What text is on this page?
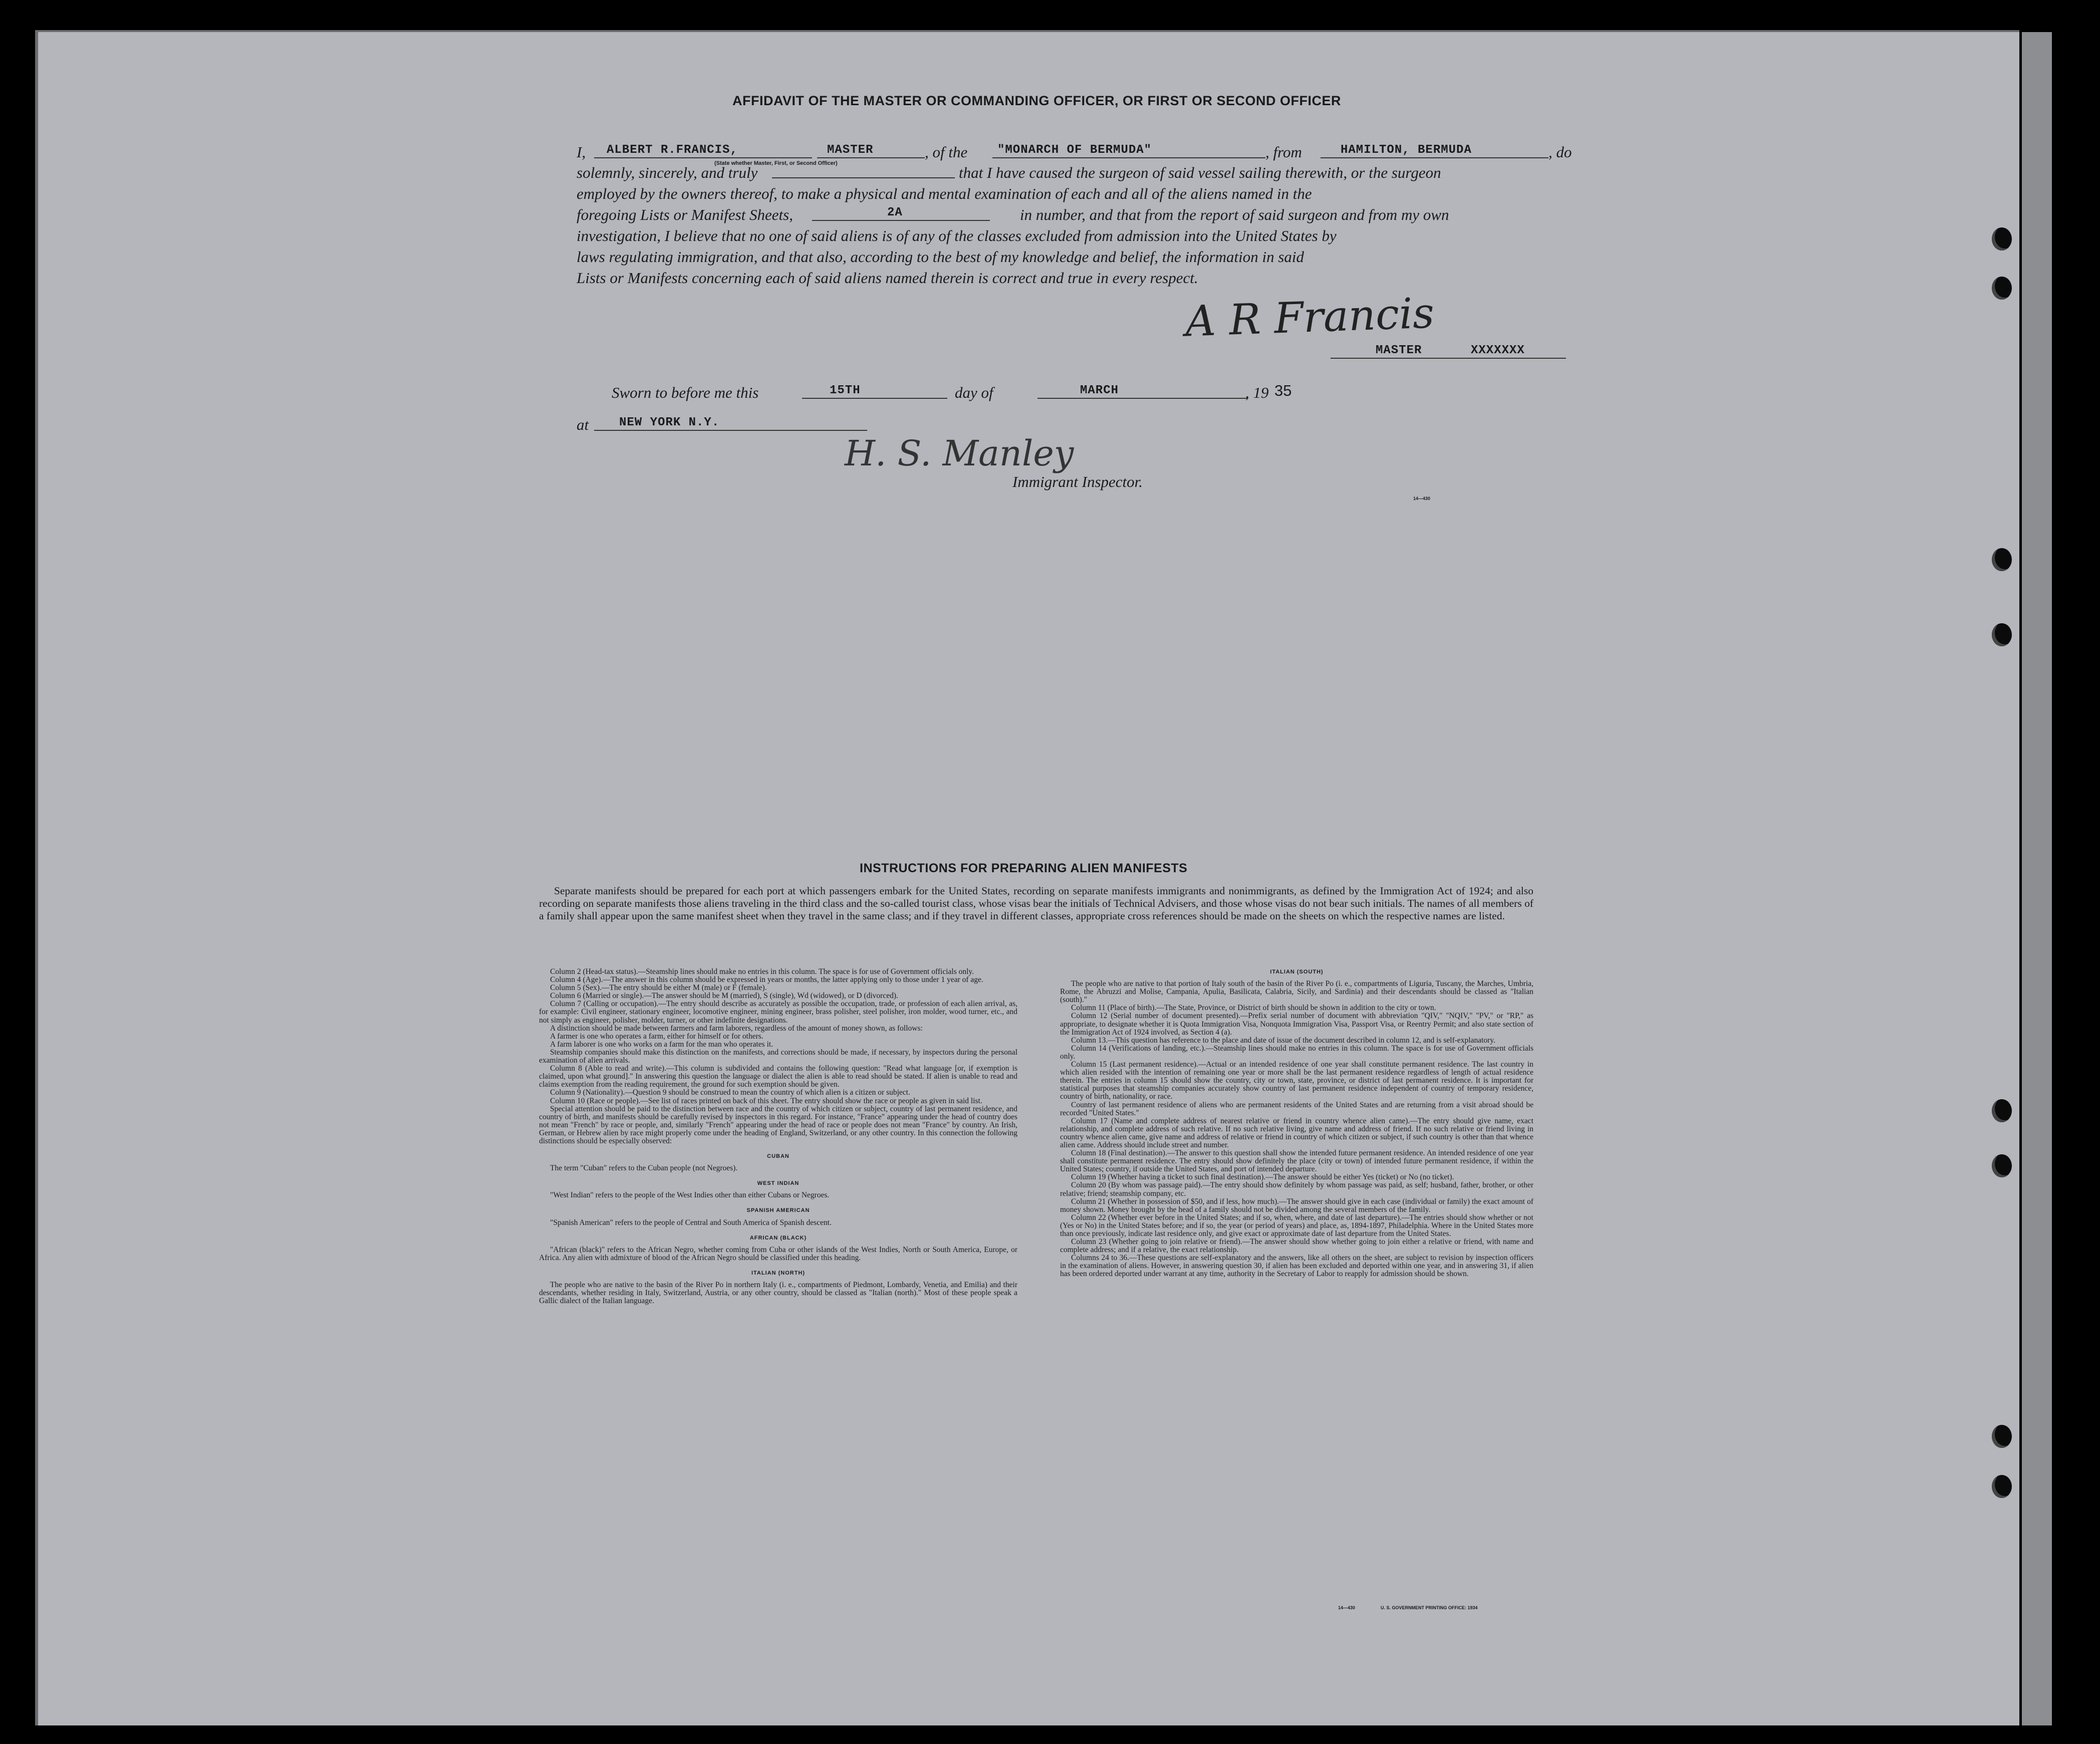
AFFIDAVIT OF THE MASTER OR COMMANDING OFFICER, OR FIRST OR SECOND OFFICER
I, ALBERT R.FRANCIS,	MASTER
(State whether Master, First, or Second Officer)
, of the "MONARCH OF BERMUDA"	, from	HAMILTON, BERMUDA	, do
solemnly, sincerely, and truly	that I have caused the surgeon of said vessel sailing therewith, or the surgeon
employed by the owners thereof, to make a physical and mental examination of each and all of the aliens named in the
foregoing Lists or Manifest Sheets,	2A	in number, and that from the report of said surgeon and from my own
investigation, I believe that no one of said aliens is of any of the classes excluded from admission into the United States by
laws regulating immigration, and that also, according to the best of my knowledge and belief, the information in said
Lists or Manifests concerning each of said aliens named therein is correct and true in every respect.
A R Francis
MASTER	XXXXXXX
Sworn to before me this	15TH	day of	MARCH	, 19 35
at	NEW YORK N.Y.
H. S. Manley
Immigrant Inspector.
14—430
INSTRUCTIONS FOR PREPARING ALIEN MANIFESTS
Separate manifests should be prepared for each port at which passengers embark for the United States, recording on separate manifests immigrants and nonimmigrants, as defined by the Immigration Act of 1924; and also recording on separate manifests those aliens traveling in the third class and the so-called tourist class, whose visas bear the initials of Technical Advisers, and those whose visas do not bear such initials. The names of all members of a family shall appear upon the same manifest sheet when they travel in the same class; and if they travel in different classes, appropriate cross references should be made on the sheets on which the respective names are listed.

Column 2 (Head-tax status).—Steamship lines should make no entries in this column. The space is for use of Government officials only.

Column 4 (Age).—The answer in this column should be expressed in years or months, the latter applying only to those under 1 year of age.

Column 5 (Sex).—The entry should be either M (male) or F (female).

Column 6 (Married or single).—The answer should be M (married), S (single), Wd (widowed), or D (divorced).

Column 7 (Calling or occupation).—The entry should describe as accurately as possible the occupation, trade, or profession of each alien arrival, as, for example: Civil engineer, stationary engineer, locomotive engineer, mining engineer, brass polisher, steel polisher, iron molder, wood turner, etc., and not simply as engineer, polisher, molder, turner, or other indefinite designations.

A distinction should be made between farmers and farm laborers, regardless of the amount of money shown, as follows:

A farmer is one who operates a farm, either for himself or for others.

A farm laborer is one who works on a farm for the man who operates it.

Steamship companies should make this distinction on the manifests, and corrections should be made, if necessary, by inspectors during the personal examination of alien arrivals.

Column 8 (Able to read and write).—This column is subdivided and contains the following question: "Read what language [or, if exemption is claimed, upon what ground]." In answering this question the language or dialect the alien is able to read should be stated. If alien is unable to read and claims exemption from the reading requirement, the ground for such exemption should be given.

Column 9 (Nationality).—Question 9 should be construed to mean the country of which alien is a citizen or subject.

Column 10 (Race or people).—See list of races printed on back of this sheet. The entry should show the race or people as given in said list.

Special attention should be paid to the distinction between race and the country of which citizen or subject, country of last permanent residence, and country of birth, and manifests should be carefully revised by inspectors in this regard. For instance, "France" appearing under the head of country does not mean "French" by race or people, and, similarly "French" appearing under the head of race or people does not mean "France" by country. An Irish, German, or Hebrew alien by race might properly come under the heading of England, Switzerland, or any other country. In this connection the following distinctions should be especially observed:

CUBAN

The term "Cuban" refers to the Cuban people (not Negroes).

WEST INDIAN

"West Indian" refers to the people of the West Indies other than either Cubans or Negroes.

SPANISH AMERICAN

"Spanish American" refers to the people of Central and South America of Spanish descent.

AFRICAN (BLACK)

"African (black)" refers to the African Negro, whether coming from Cuba or other islands of the West Indies, North or South America, Europe, or Africa. Any alien with admixture of blood of the African Negro should be classified under this heading.

ITALIAN (NORTH)

The people who are native to the basin of the River Po in northern Italy (i. e., compartments of Piedmont, Lombardy, Venetia, and Emilia) and their descendants, whether residing in Italy, Switzerland, Austria, or any other country, should be classed as "Italian (north)." Most of these people speak a Gallic dialect of the Italian language.

ITALIAN (SOUTH)

The people who are native to that portion of Italy south of the basin of the River Po (i. e., compartments of Liguria, Tuscany, the Marches, Umbria, Rome, the Abruzzi and Molise, Campania, Apulia, Basilicata, Calabria, Sicily, and Sardinia) and their descendants should be classed as "Italian (south)."

Column 11 (Place of birth).—The State, Province, or District of birth should be shown in addition to the city or town.

Column 12 (Serial number of document presented).—Prefix serial number of document with abbreviation "QIV," "NQIV," "PV," or "RP," as appropriate, to designate whether it is Quota Immigration Visa, Nonquota Immigration Visa, Passport Visa, or Reentry Permit; and also state section of the Immigration Act of 1924 involved, as Section 4 (a).

Column 13.—This question has reference to the place and date of issue of the document described in column 12, and is self-explanatory.

Column 14 (Verifications of landing, etc.).—Steamship lines should make no entries in this column. The space is for use of Government officials only.

Column 15 (Last permanent residence).—Actual or an intended residence of one year shall constitute permanent residence. The last country in which alien resided with the intention of remaining one year or more shall be the last permanent residence regardless of length of actual residence therein. The entries in column 15 should show the country, city or town, state, province, or district of last permanent residence. It is important for statistical purposes that steamship companies accurately show country of last permanent residence independent of country of temporary residence, country of birth, nationality, or race.

Country of last permanent residence of aliens who are permanent residents of the United States and are returning from a visit abroad should be recorded "United States."

Column 17 (Name and complete address of nearest relative or friend in country whence alien came).—The entry should give name, exact relationship, and complete address of such relative. If no such relative living, give name and address of friend. If no such relative or friend living in country whence alien came, give name and address of relative or friend in country of which citizen or subject, if such country is other than that whence alien came. Address should include street and number.

Column 18 (Final destination).—The answer to this question shall show the intended future permanent residence. An intended residence of one year shall constitute permanent residence. The entry should show definitely the place (city or town) of intended future permanent residence, if within the United States; country, if outside the United States, and port of intended departure.

Column 19 (Whether having a ticket to such final destination).—The answer should be either Yes (ticket) or No (no ticket).

Column 20 (By whom was passage paid).—The entry should show definitely by whom passage was paid, as self; husband, father, brother, or other relative; friend; steamship company, etc.

Column 21 (Whether in possession of $50, and if less, how much).—The answer should give in each case (individual or family) the exact amount of money shown. Money brought by the head of a family should not be divided among the several members of the family.

Column 22 (Whether ever before in the United States; and if so, when, where, and date of last departure).—The entries should show whether or not (Yes or No) in the United States before; and if so, the year (or period of years) and place, as, 1894-1897, Philadelphia. Where in the United States more than once previously, indicate last residence only, and give exact or approximate date of last departure from the United States.

Column 23 (Whether going to join relative or friend).—The answer should show whether going to join either a relative or friend, with name and complete address; and if a relative, the exact relationship.

Columns 24 to 36.—These questions are self-explanatory and the answers, like all others on the sheet, are subject to revision by inspection officers in the examination of aliens. However, in answering question 30, if alien has been excluded and deported within one year, and in answering 31, if alien has been ordered deported under warrant at any time, authority in the Secretary of Labor to reapply for admission should be shown.

14—430	U. S. GOVERNMENT PRINTING OFFICE: 1934
